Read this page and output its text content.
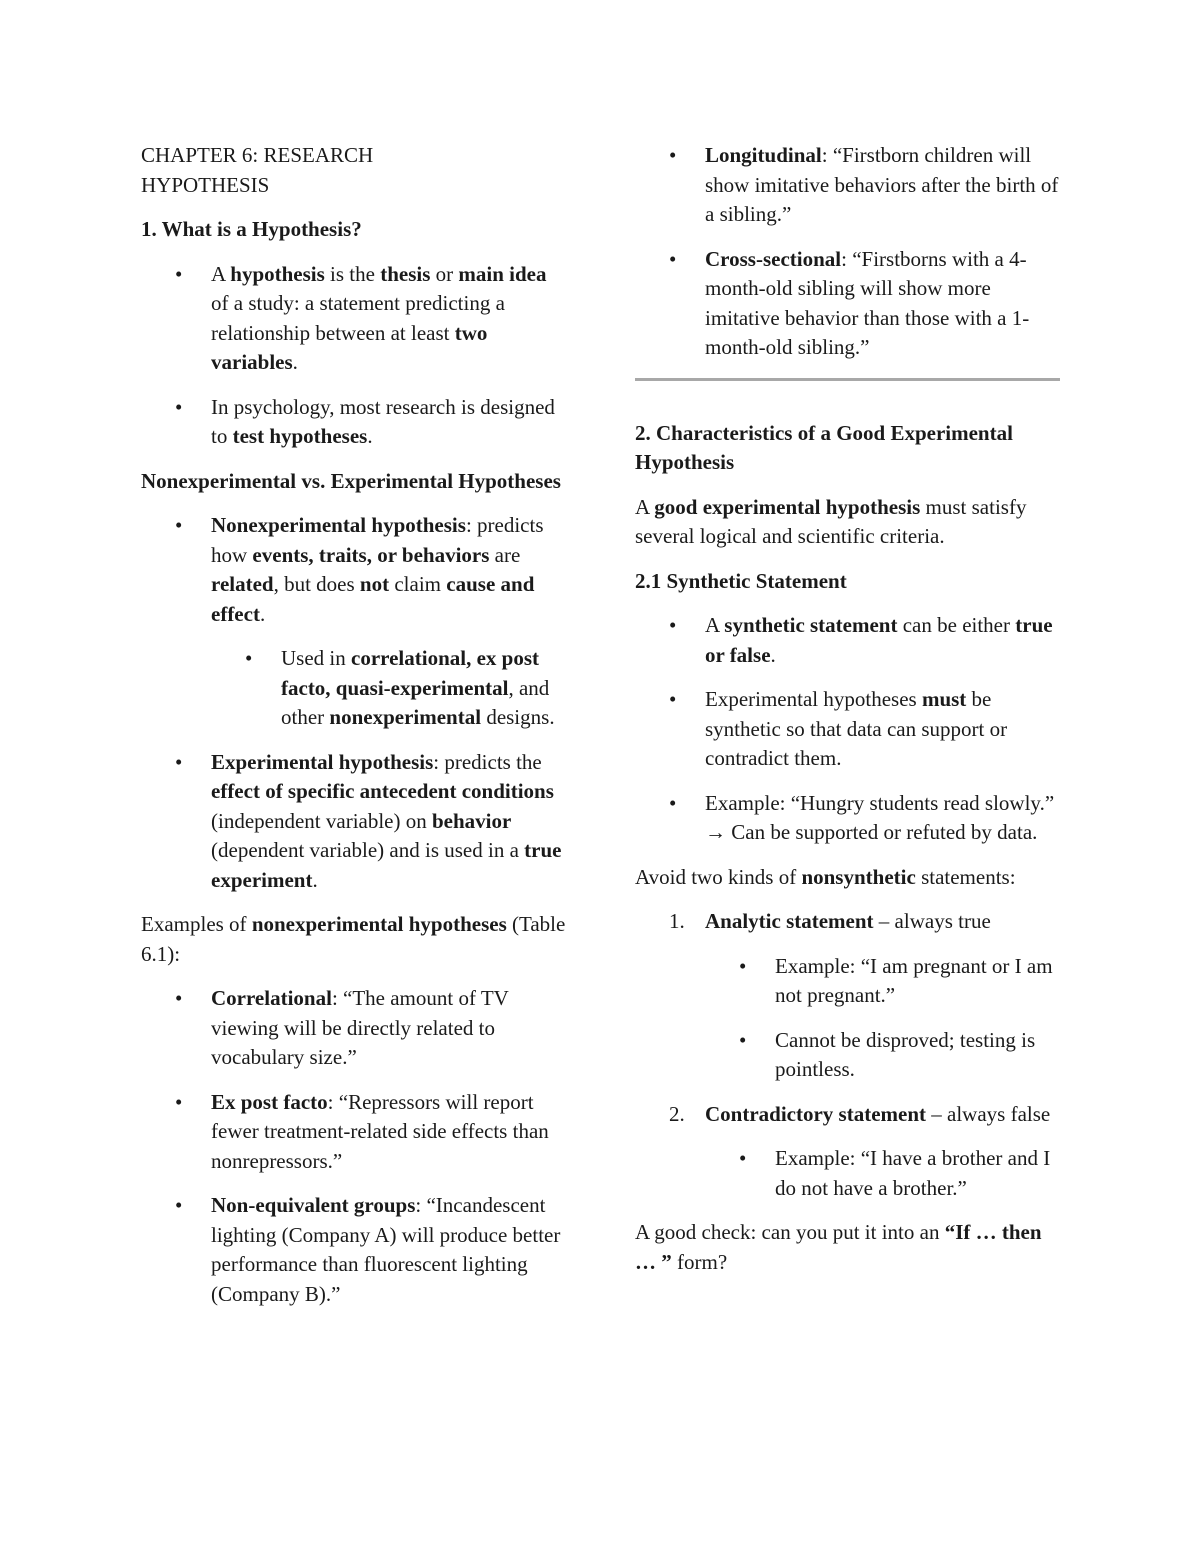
CHAPTER 6: RESEARCH
HYPOTHESIS
1. What is a Hypothesis?
• A hypothesis is the thesis or main idea of a study: a statement predicting a relationship between at least two variables.
• In psychology, most research is designed to test hypotheses.
Nonexperimental vs. Experimental Hypotheses
• Nonexperimental hypothesis: predicts how events, traits, or behaviors are related, but does not claim cause and effect.
• Used in correlational, ex post facto, quasi-experimental, and other nonexperimental designs.
• Experimental hypothesis: predicts the effect of specific antecedent conditions (independent variable) on behavior (dependent variable) and is used in a true experiment.

Examples of nonexperimental hypotheses (Table 6.1):

• Correlational: “The amount of TV viewing will be directly related to vocabulary size.”
• Ex post facto: “Repressors will report fewer treatment-related side effects than nonrepressors.”
• Non-equivalent groups: “Incandescent lighting (Company A) will produce better performance than fluorescent lighting (Company B).”
• Longitudinal: “Firstborn children will show imitative behaviors after the birth of a sibling.”
• Cross-sectional: “Firstborns with a 4-month-old sibling will show more imitative behavior than those with a 1-month-old sibling.”
2. Characteristics of a Good Experimental Hypothesis

A good experimental hypothesis must satisfy several logical and scientific criteria.

2.1 Synthetic Statement
• A synthetic statement can be either true or false.
• Experimental hypotheses must be synthetic so that data can support or contradict them.
• Example: “Hungry students read slowly.” → Can be supported or refuted by data.

Avoid two kinds of nonsynthetic statements:

1. Analytic statement – always true
• Example: “I am pregnant or I am not pregnant.”
• Cannot be disproved; testing is pointless.
2. Contradictory statement – always false
• Example: “I have a brother and I do not have a brother.”

A good check: can you put it into an “If … then … ” form?
